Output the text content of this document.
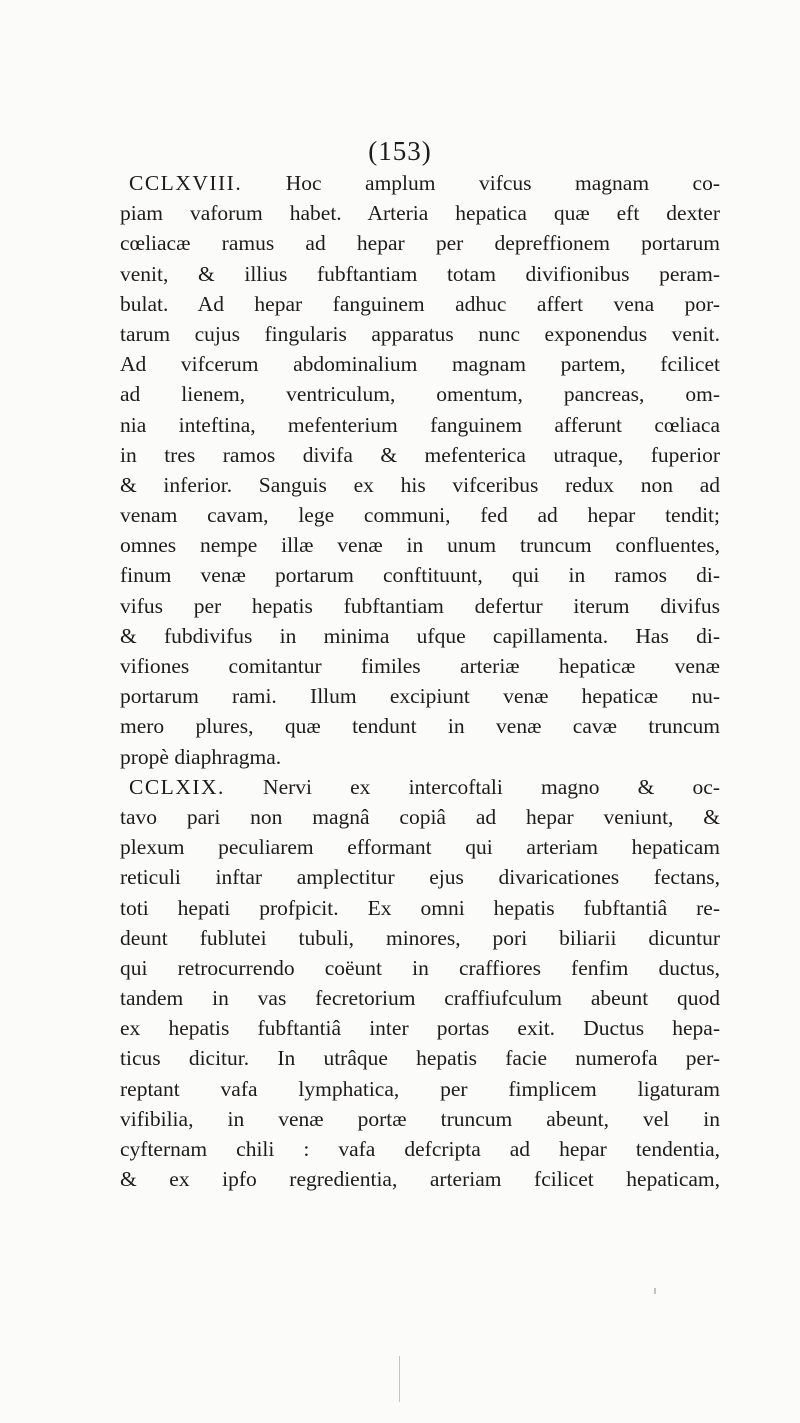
(153)
CCLXVIII. Hoc amplum vifcus magnam co-
piam vaforum habet. Arteria hepatica quæ eft dexter
cœliacæ ramus ad hepar per depreffionem portarum
venit, & illius fubftantiam totam divifionibus peram-
bulat. Ad hepar fanguinem adhuc affert vena por-
tarum cujus fingularis apparatus nunc exponendus venit.
Ad vifcerum abdominalium magnam partem, fcilicet
ad lienem, ventriculum, omentum, pancreas, om-
nia inteftina, mefenterium fanguinem afferunt cœliaca
in tres ramos divifa & mefenterica utraque, fuperior
& inferior. Sanguis ex his vifceribus redux non ad
venam cavam, lege communi, fed ad hepar tendit;
omnes nempe illæ venæ in unum truncum confluentes,
finum venæ portarum conftituunt, qui in ramos di-
vifus per hepatis fubftantiam defertur iterum divifus
& fubdivifus in minima ufque capillamenta. Has di-
vifiones comitantur fimiles arteriæ hepaticæ venæ
portarum rami. Illum excipiunt venæ hepaticæ nu-
mero plures, quæ tendunt in venæ cavæ truncum
propè diaphragma.
CCLXIX. Nervi ex intercoftali magno & oc-
tavo pari non magnâ copiâ ad hepar veniunt, &
plexum peculiarem efformant qui arteriam hepaticam
reticuli inftar amplectitur ejus divaricationes fectans,
toti hepati profpicit. Ex omni hepatis fubftantiâ re-
deunt fublutei tubuli, minores, pori biliarii dicuntur
qui retrocurrendo coëunt in craffiores fenfim ductus,
tandem in vas fecretorium craffiufculum abeunt quod
ex hepatis fubftantiâ inter portas exit. Ductus hepa-
ticus dicitur. In utrâque hepatis facie numerofa per-
reptant vafa lymphatica, per fimplicem ligaturam
vifibilia, in venæ portæ truncum abeunt, vel in
cyfternam chili : vafa defcripta ad hepar tendentia,
& ex ipfo regredientia, arteriam fcilicet hepaticam,
